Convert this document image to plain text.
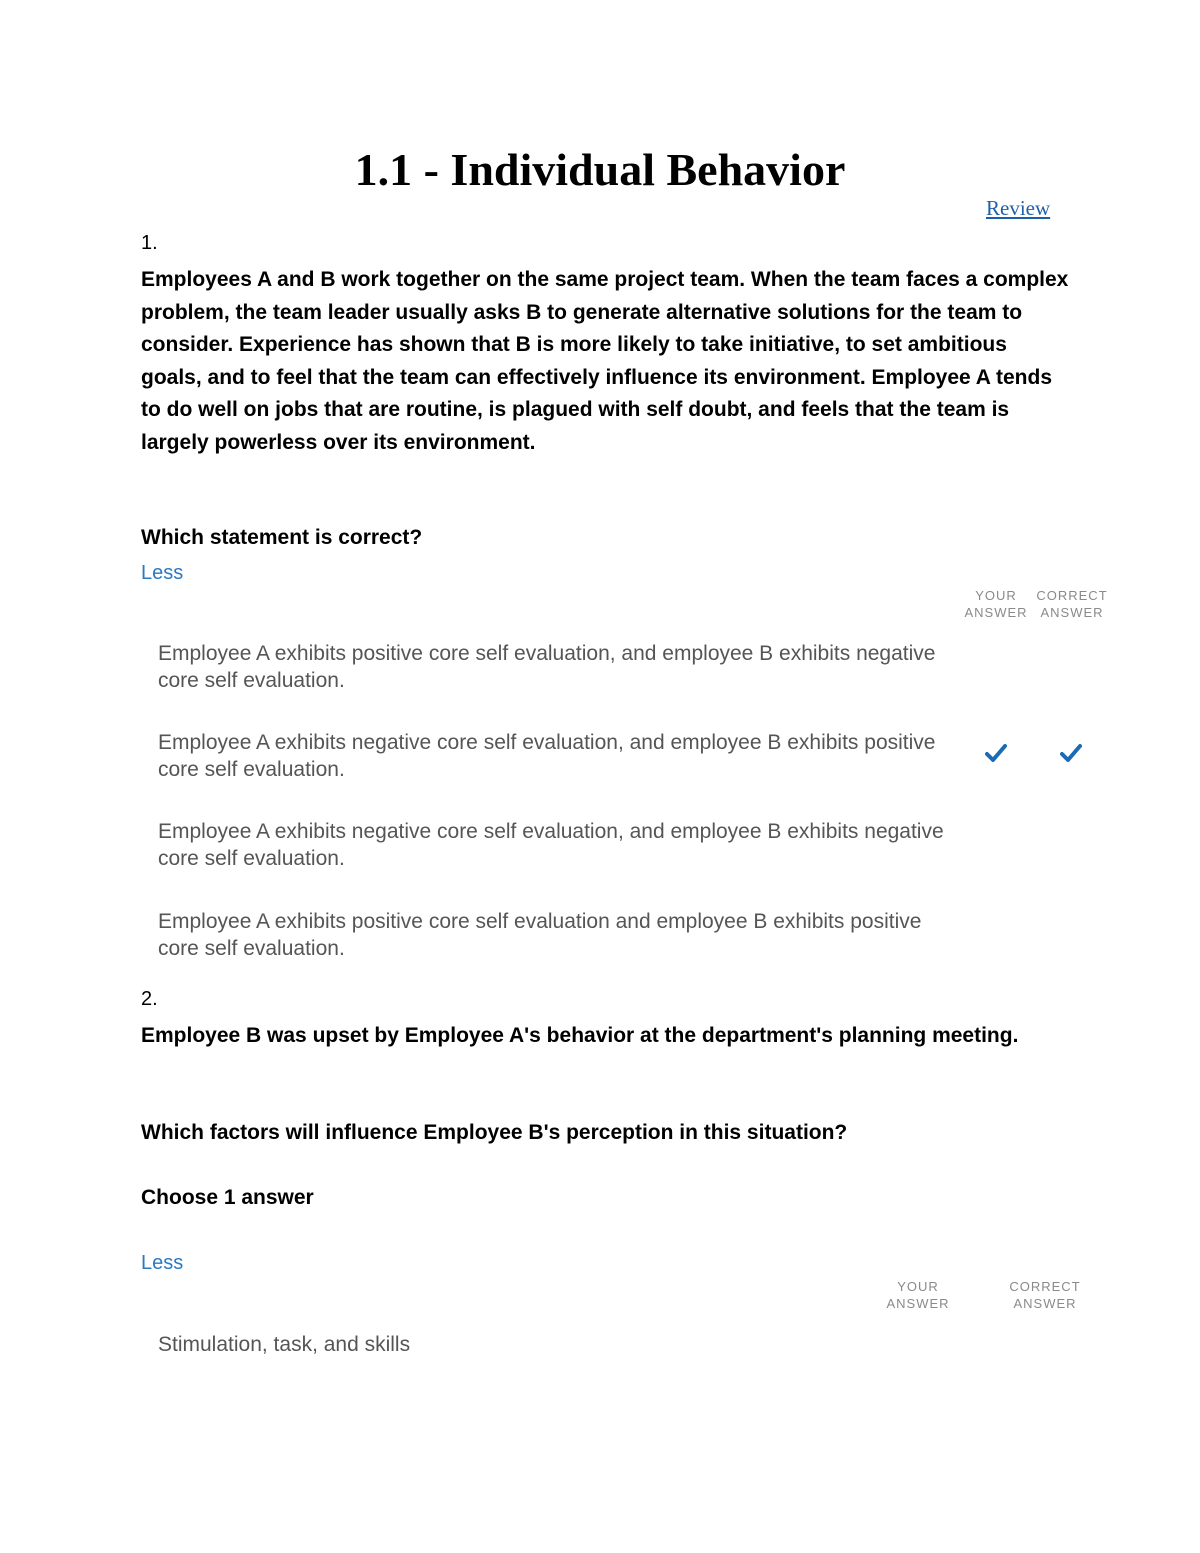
1.1 - Individual Behavior
Review
1.

Employees A and B work together on the same project team. When the team faces a complex problem, the team leader usually asks B to generate alternative solutions for the team to consider. Experience has shown that B is more likely to take initiative, to set ambitious goals, and to feel that the team can effectively influence its environment. Employee A tends to do well on jobs that are routine, is plagued with self doubt, and feels that the team is largely powerless over its environment.

Which statement is correct?

Less
YOUR ANSWER
CORRECT ANSWER
Employee A exhibits positive core self evaluation, and employee B exhibits negative core self evaluation.
Employee A exhibits negative core self evaluation, and employee B exhibits positive core self evaluation.
Employee A exhibits negative core self evaluation, and employee B exhibits negative core self evaluation.
Employee A exhibits positive core self evaluation and employee B exhibits positive core self evaluation.
2.

Employee B was upset by Employee A's behavior at the department's planning meeting.

Which factors will influence Employee B's perception in this situation?

Choose 1 answer

Less
YOUR ANSWER
CORRECT ANSWER
Stimulation, task, and skills
